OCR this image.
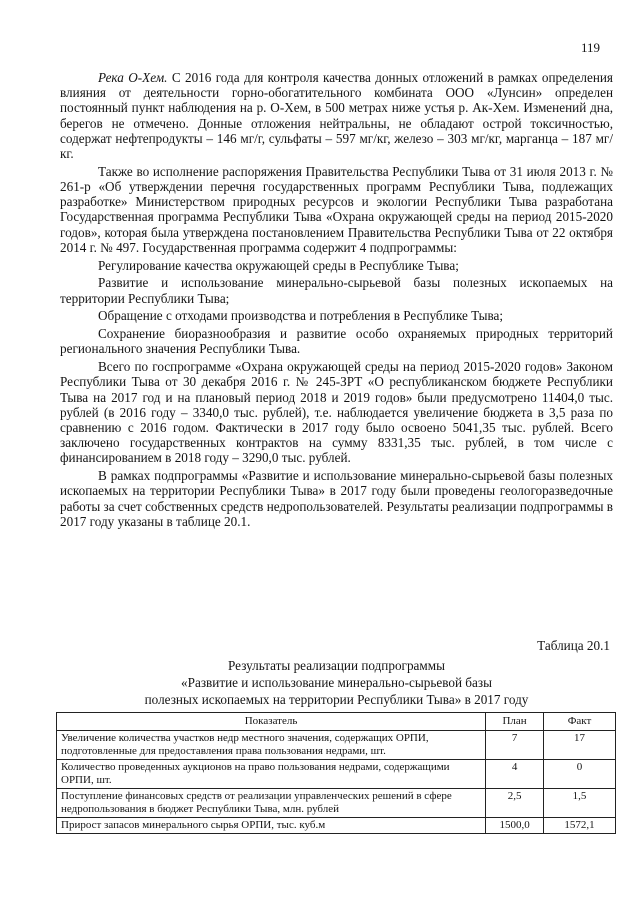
119

Река О-Хем. С 2016 года для контроля качества донных отложений в рамках определения влияния от деятельности горно-обогатительного комбината ООО «Лунсин» определен постоянный пункт наблюдения на р. О-Хем, в 500 метрах ниже устья р. Ак-Хем. Изменений дна, берегов не отмечено. Донные отложения нейтральны, не обладают острой токсичностью, содержат нефтепродукты – 146 мг/г, сульфаты – 597 мг/кг, железо – 303 мг/кг, марганца – 187 мг/кг.

Также во исполнение распоряжения Правительства Республики Тыва от 31 июля 2013 г. № 261-р «Об утверждении перечня государственных программ Республики Тыва, подлежащих разработке» Министерством природных ресурсов и экологии Республики Тыва разработана Государственная программа Республики Тыва «Охрана окружающей среды на период 2015-2020 годов», которая была утверждена постановлением Правительства Республики Тыва от 22 октября 2014 г. № 497. Государственная программа содержит 4 подпрограммы:

Регулирование качества окружающей среды в Республике Тыва;

Развитие и использование минерально-сырьевой базы полезных ископаемых на территории Республики Тыва;

Обращение с отходами производства и потребления в Республике Тыва;

Сохранение биоразнообразия и развитие особо охраняемых природных территорий регионального значения Республики Тыва.

Всего по госпрограмме «Охрана окружающей среды на период 2015-2020 годов» Законом Республики Тыва от 30 декабря 2016 г. № 245-ЗРТ «О республиканском бюджете Республики Тыва на 2017 год и на плановый период 2018 и 2019 годов» были предусмотрено 11404,0 тыс. рублей (в 2016 году – 3340,0 тыс. рублей), т.е. наблюдается увеличение бюджета в 3,5 раза по сравнению с 2016 годом. Фактически в 2017 году было освоено 5041,35 тыс. рублей. Всего заключено государственных контрактов на сумму 8331,35 тыс. рублей, в том числе с финансированием в 2018 году – 3290,0 тыс. рублей.

В рамках подпрограммы «Развитие и использование минерально-сырьевой базы полезных ископаемых на территории Республики Тыва» в 2017 году были проведены геологоразведочные работы за счет собственных средств недропользователей. Результаты реализации подпрограммы в 2017 году указаны в таблице 20.1.

Таблица 20.1
Результаты реализации подпрограммы
«Развитие и использование минерально-сырьевой базы
полезных ископаемых на территории Республики Тыва» в 2017 году
Показатель	План	Факт
Увеличение количества участков недр местного значения, содержащих ОРПИ, подготовленные для предоставления права пользования недрами, шт.	7	17
Количество проведенных аукционов на право пользования недрами, содержащими ОРПИ, шт.	4	0
Поступление финансовых средств от реализации управленческих решений в сфере недропользования в бюджет Республики Тыва, млн. рублей	2,5	1,5
Прирост запасов минерального сырья ОРПИ, тыс. куб.м	1500,0	1572,1
